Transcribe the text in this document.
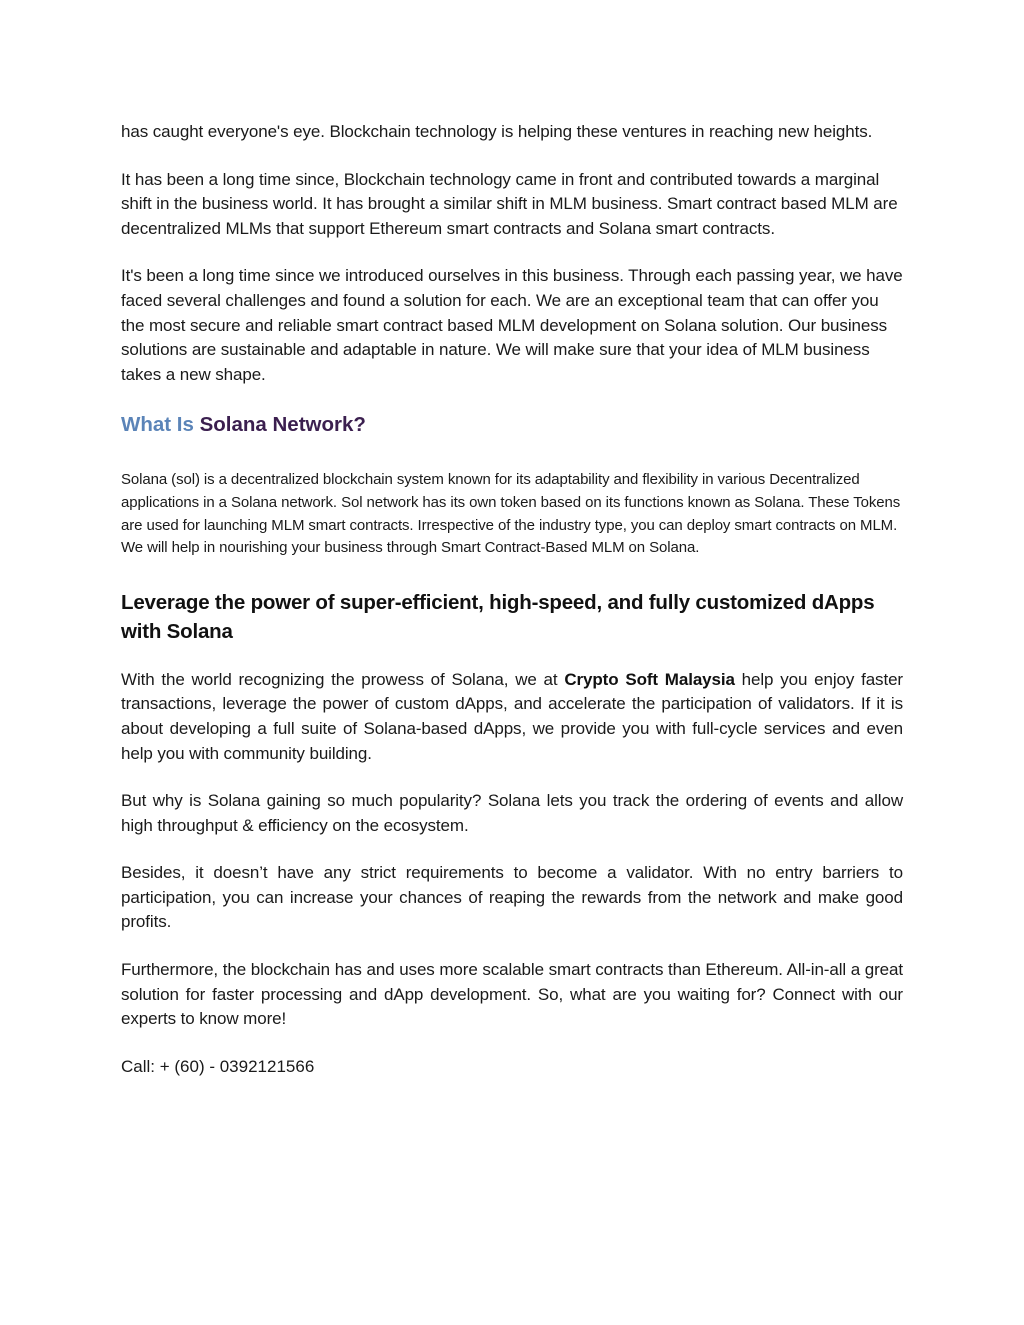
has caught everyone's eye. Blockchain technology is helping these ventures in reaching new heights.

It has been a long time since, Blockchain technology came in front and contributed towards a marginal shift in the business world. It has brought a similar shift in MLM business. Smart contract based MLM are decentralized MLMs that support Ethereum smart contracts and Solana smart contracts.

It's been a long time since we introduced ourselves in this business. Through each passing year, we have faced several challenges and found a solution for each. We are an exceptional team that can offer you the most secure and reliable smart contract based MLM development on Solana solution. Our business solutions are sustainable and adaptable in nature. We will make sure that your idea of MLM business takes a new shape.

What Is Solana Network?

Solana (sol) is a decentralized blockchain system known for its adaptability and flexibility in various Decentralized applications in a Solana network. Sol network has its own token based on its functions known as Solana. These Tokens are used for launching MLM smart contracts. Irrespective of the industry type, you can deploy smart contracts on MLM. We will help in nourishing your business through Smart Contract-Based MLM on Solana.

Leverage the power of super-efficient, high-speed, and fully customized dApps with Solana

With the world recognizing the prowess of Solana, we at Crypto Soft Malaysia help you enjoy faster transactions, leverage the power of custom dApps, and accelerate the participation of validators. If it is about developing a full suite of Solana-based dApps, we provide you with full-cycle services and even help you with community building.

But why is Solana gaining so much popularity? Solana lets you track the ordering of events and allow high throughput & efficiency on the ecosystem.

Besides, it doesn’t have any strict requirements to become a validator. With no entry barriers to participation, you can increase your chances of reaping the rewards from the network and make good profits.

Furthermore, the blockchain has and uses more scalable smart contracts than Ethereum. All-in-all a great solution for faster processing and dApp development. So, what are you waiting for? Connect with our experts to know more!

Call: + (60) - 0392121566
